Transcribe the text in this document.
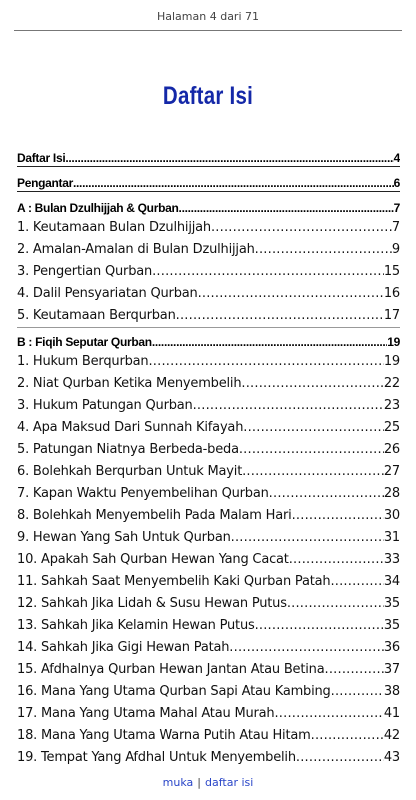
Halaman 4 dari 71
Daftar Isi
Daftar Isi .....	4
Pengantar .....	6
A : Bulan Dzulhijjah & Qurban .....	7
1. Keutamaan Bulan Dzulhijjah .....	7
2. Amalan-Amalan di Bulan Dzulhijjah .....	9
3. Pengertian Qurban .....	15
4. Dalil Pensyariatan Qurban .....	16
5. Keutamaan Berqurban .....	17
B : Fiqih Seputar Qurban .....	19
1. Hukum Berqurban .....	19
2. Niat Qurban Ketika Menyembelih .....	22
3. Hukum Patungan Qurban .....	23
4. Apa Maksud Dari Sunnah Kifayah .....	25
5. Patungan Niatnya Berbeda-beda .....	26
6. Bolehkah Berqurban Untuk Mayit .....	27
7. Kapan Waktu Penyembelihan Qurban .....	28
8. Bolehkah Menyembelih Pada Malam Hari .....	30
9. Hewan Yang Sah Untuk Qurban .....	31
10. Apakah Sah Qurban Hewan Yang Cacat .....	33
11. Sahkah Saat Menyembelih Kaki Qurban Patah .....	34
12. Sahkah Jika Lidah & Susu Hewan Putus .....	35
13. Sahkah Jika Kelamin Hewan Putus .....	35
14. Sahkah Jika Gigi Hewan Patah .....	36
15. Afdhalnya Qurban Hewan Jantan Atau Betina .....	37
16. Mana Yang Utama Qurban Sapi Atau Kambing .....	38
17. Mana Yang Utama Mahal Atau Murah .....	41
18. Mana Yang Utama Warna Putih Atau Hitam .....	42
19. Tempat Yang Afdhal Untuk Menyembelih .....	43
muka | daftar isi
